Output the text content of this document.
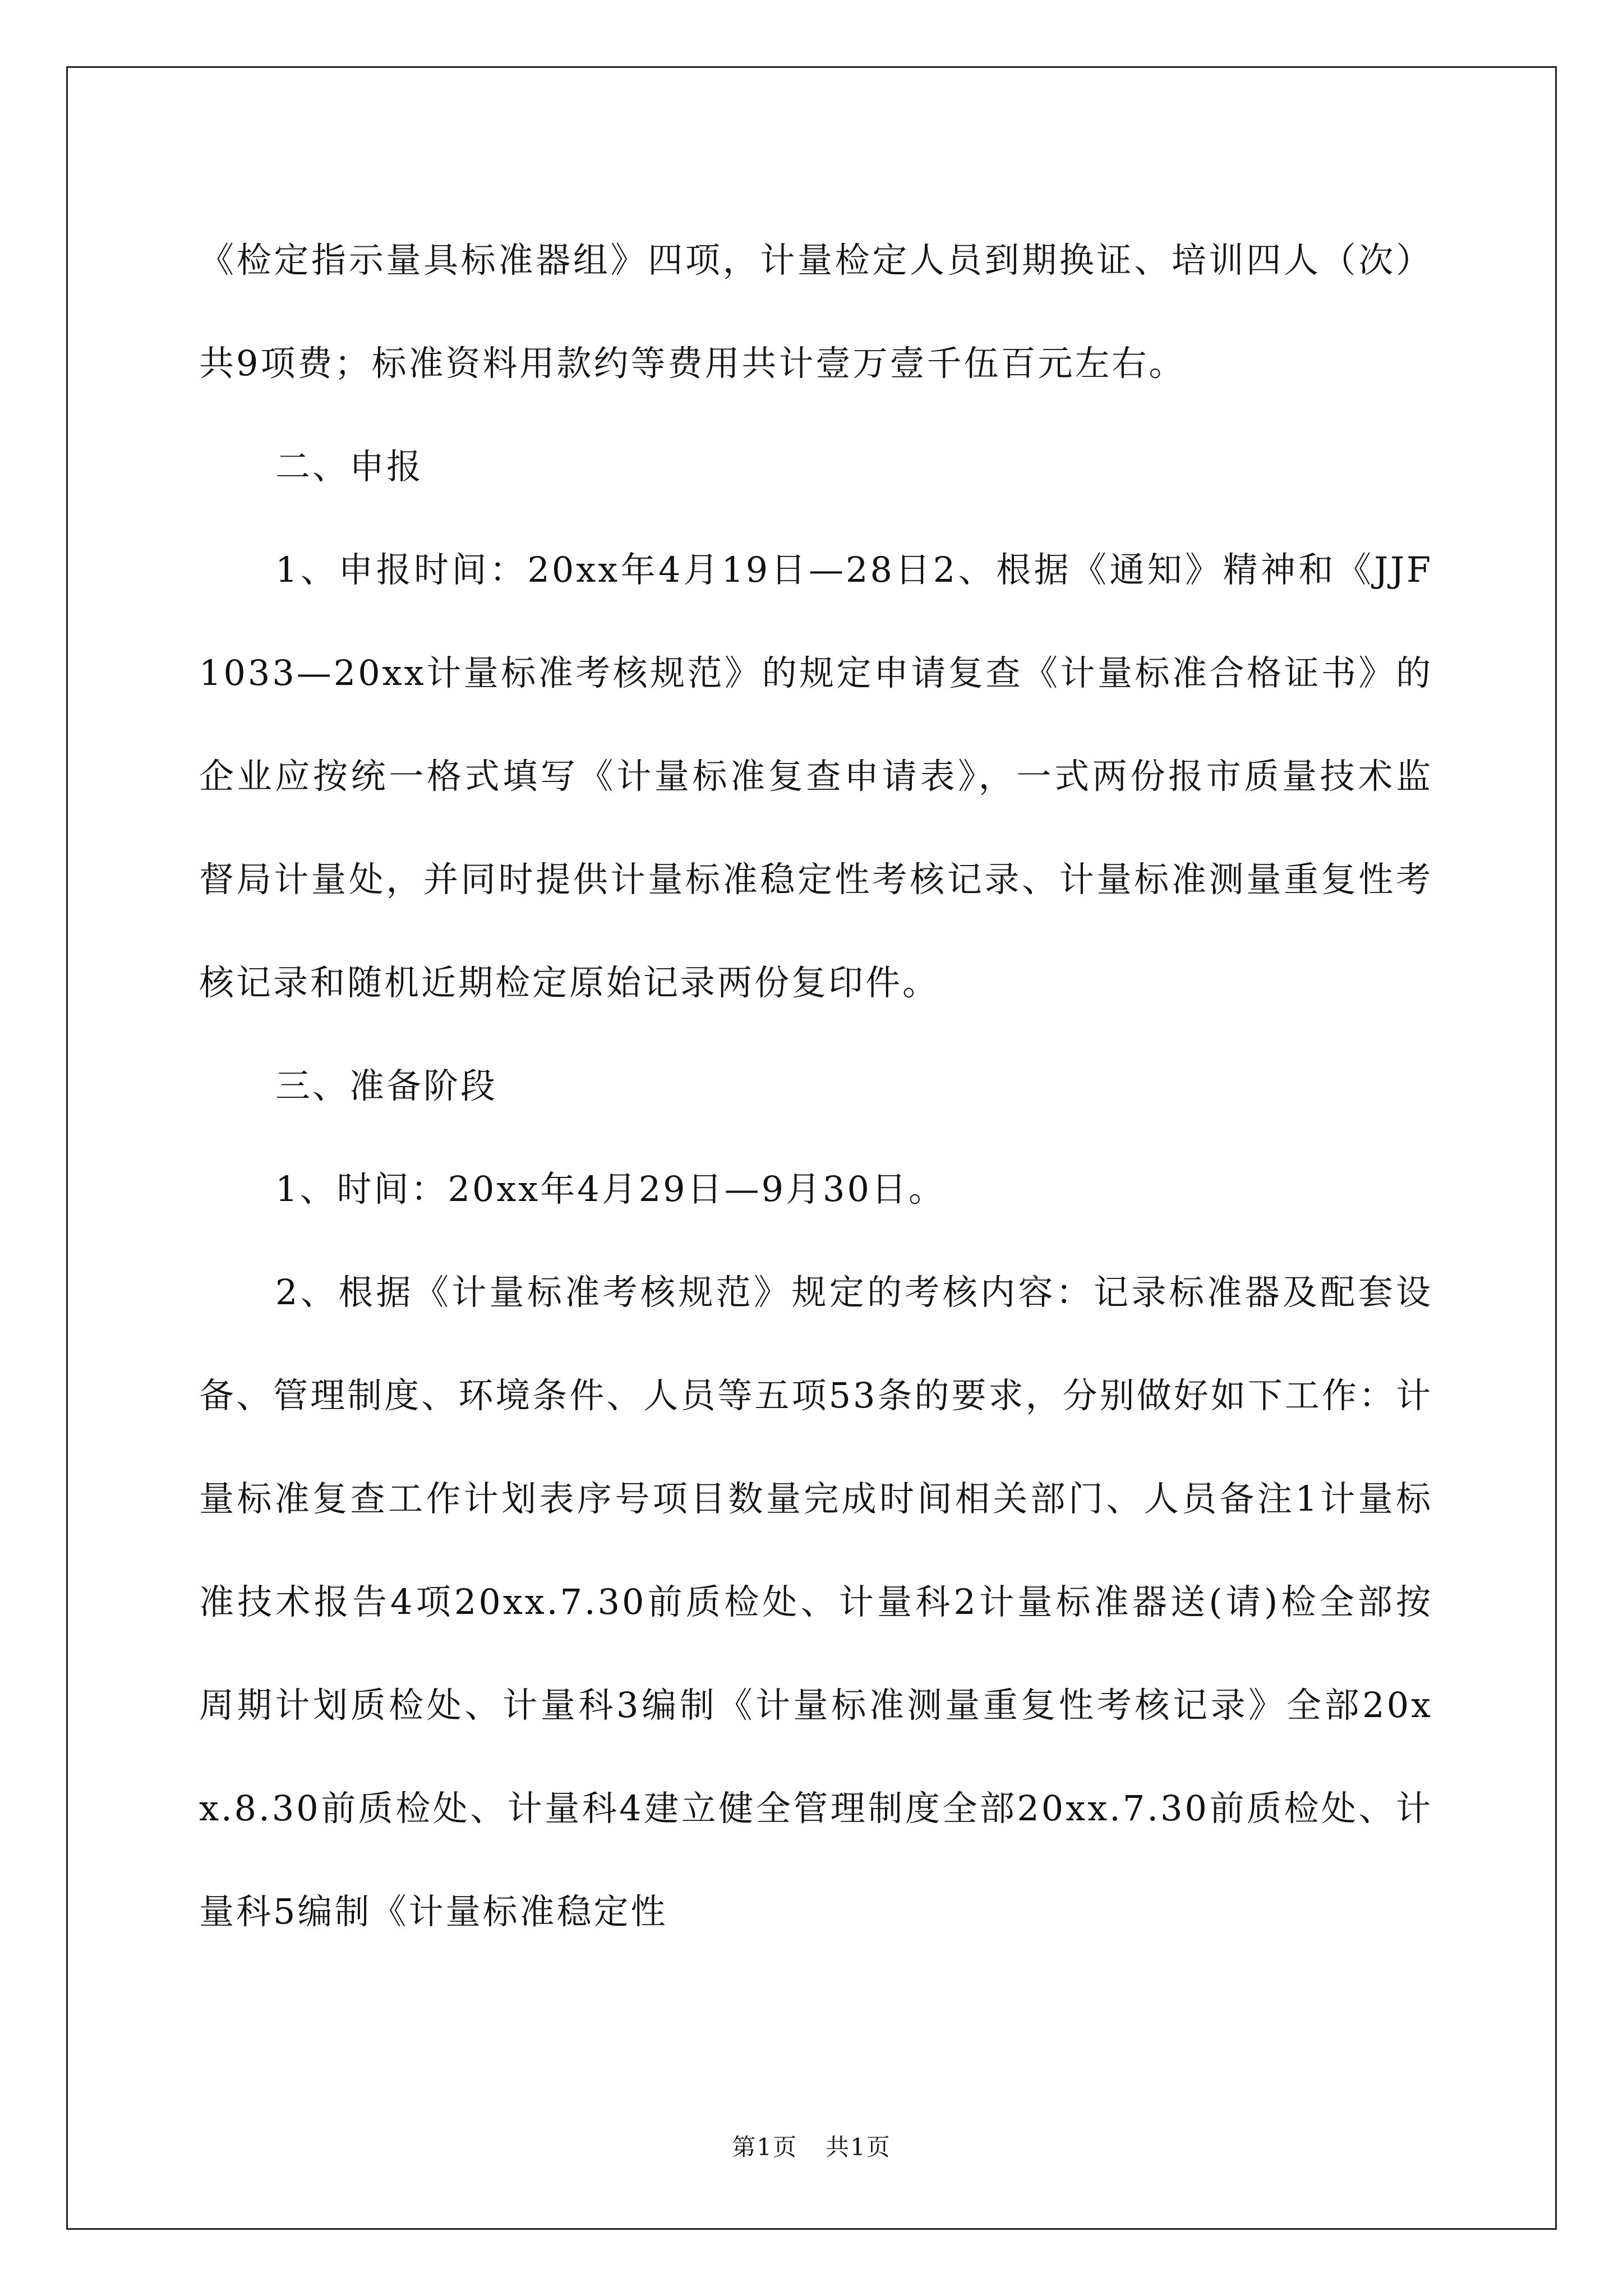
《检定指示量具标准器组》四项，计量检定人员到期换证、培训四人（次）共9项费；标准资料用款约等费用共计壹万壹千伍百元左右。

二、申报

1、申报时间：20xx年4月19日—28日2、根据《通知》精神和《JJF1033—20xx计量标准考核规范》的规定申请复查《计量标准合格证书》的企业应按统一格式填写《计量标准复查申请表》，一式两份报市质量技术监督局计量处，并同时提供计量标准稳定性考核记录、计量标准测量重复性考核记录和随机近期检定原始记录两份复印件。

三、准备阶段

1、时间：20xx年4月29日—9月30日。

2、根据《计量标准考核规范》规定的考核内容：记录标准器及配套设备、管理制度、环境条件、人员等五项53条的要求，分别做好如下工作：计量标准复查工作计划表序号项目数量完成时间相关部门、人员备注1计量标准技术报告4项20xx.7.30前质检处、计量科2计量标准器送(请)检全部按周期计划质检处、计量科3编制《计量标准测量重复性考核记录》全部20xx.8.30前质检处、计量科4建立健全管理制度全部20xx.7.30前质检处、计量科5编制《计量标准稳定性

第1页 共1页
